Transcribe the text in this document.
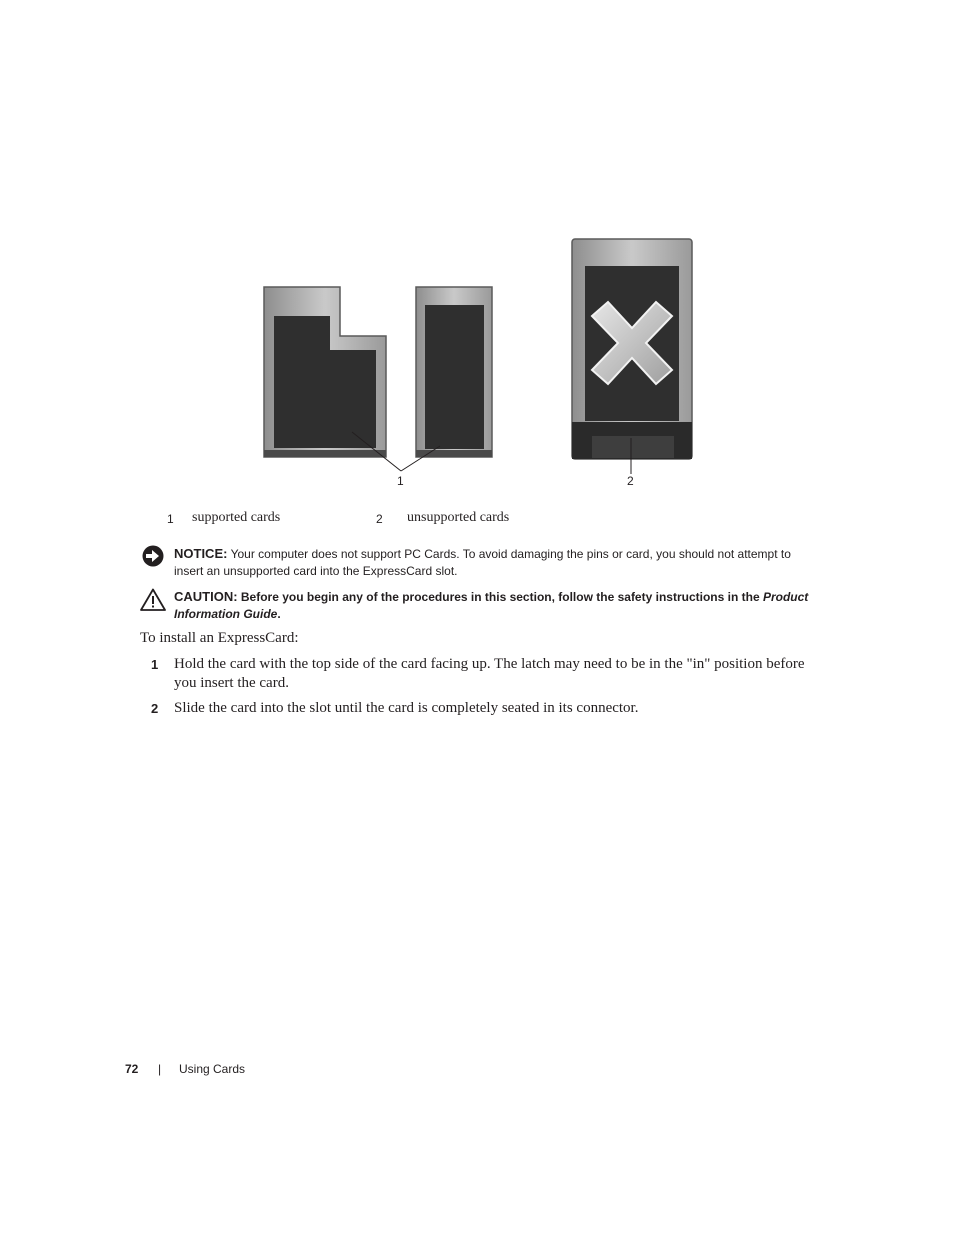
1	2
1 supported cards	2 unsupported cards
NOTICE: Your computer does not support PC Cards. To avoid damaging the pins or card, you should not attempt to insert an unsupported card into the ExpressCard slot.
CAUTION: Before you begin any of the procedures in this section, follow the safety instructions in the Product Information Guide.
To install an ExpressCard:
1 Hold the card with the top side of the card facing up. The latch may need to be in the "in" position before you insert the card.
2 Slide the card into the slot until the card is completely seated in its connector.
72 | Using Cards
